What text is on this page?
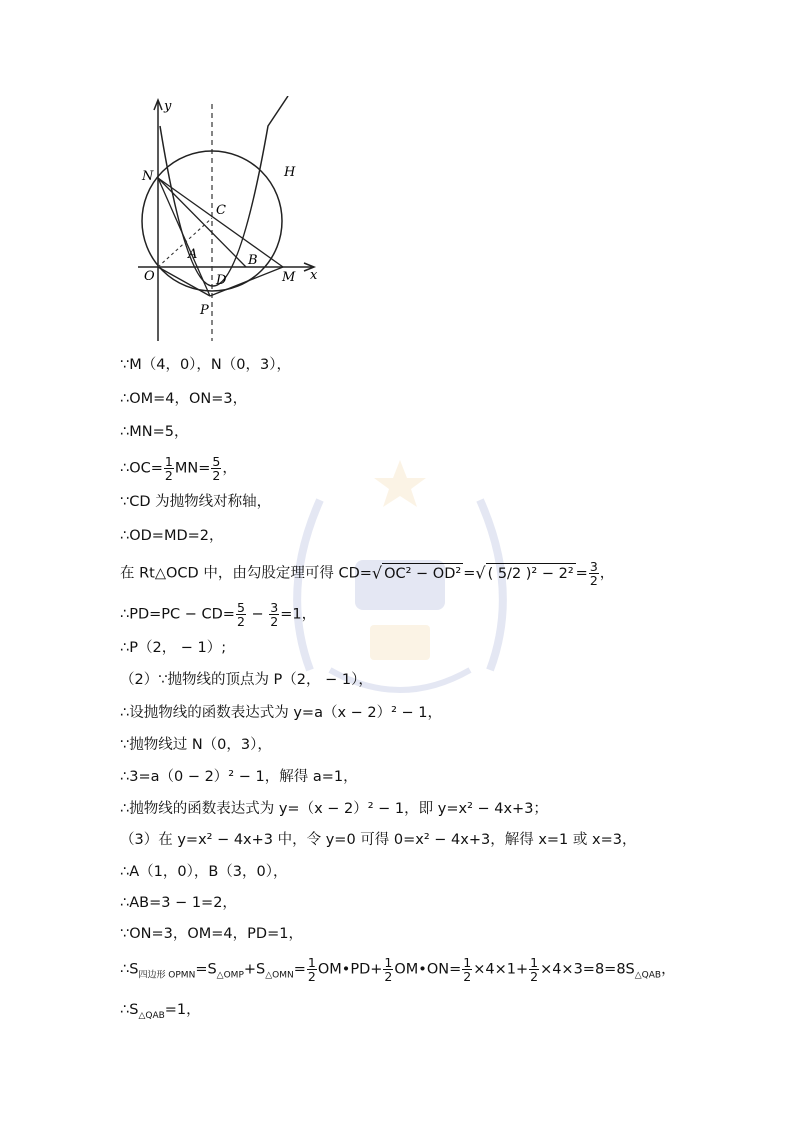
y
x
N
C
H
A	B
O	D	M
P
∵M（4，0），N（0，3），
∴OM=4，ON=3，
∴MN=5，
∴OC= $\frac{1}{2} MN= \frac{5}{2}$ ，
∵CD 为抛物线对称轴，
∴OD=MD=2，
在 Rt△OCD 中，由勾股定理可得 CD=√ OC² − OD² =√ ( 5/2 )$^2 - 2^2 = \frac{3}{2}$ ，
∴PD=PC − $CD= \frac{5}{2} - \frac{3}{2} =1$，
∴P（2， − 1）;
（2）∵抛物线的顶点为 P（2， − 1），
∴设抛物线的函数表达式为 y=a（x − 2）² − 1，
∵抛物线过 N（0，3），
∴3=a（0 − 2）² − 1，解得 a=1，
∴抛物线的函数表达式为 y=（x − 2）² − 1，即 y=x² − 4x+3；
（3）在 y=x² − 4x+3 中，令 y=0 可得 0=x² − 4x+3，解得 x=1 或 x=3，
∴A（1，0），B（3，0），
∴AB=3 − 1=2，
∵ON=3，OM=4，PD=1，
$\therefore S_{四边形 OPMN}=S_{\triangle OMP}+S_{\triangle OMN}= \frac{1}{2}$ OM•PD+ $\frac{1}{2}$ OM•ON= $\frac{1}{2} \times 4\times 1+ \frac{1}{2} \times 4\times 3=8=8S_{\triangle QAB}$，
$\therefore S_{\triangle QAB}=1$，
